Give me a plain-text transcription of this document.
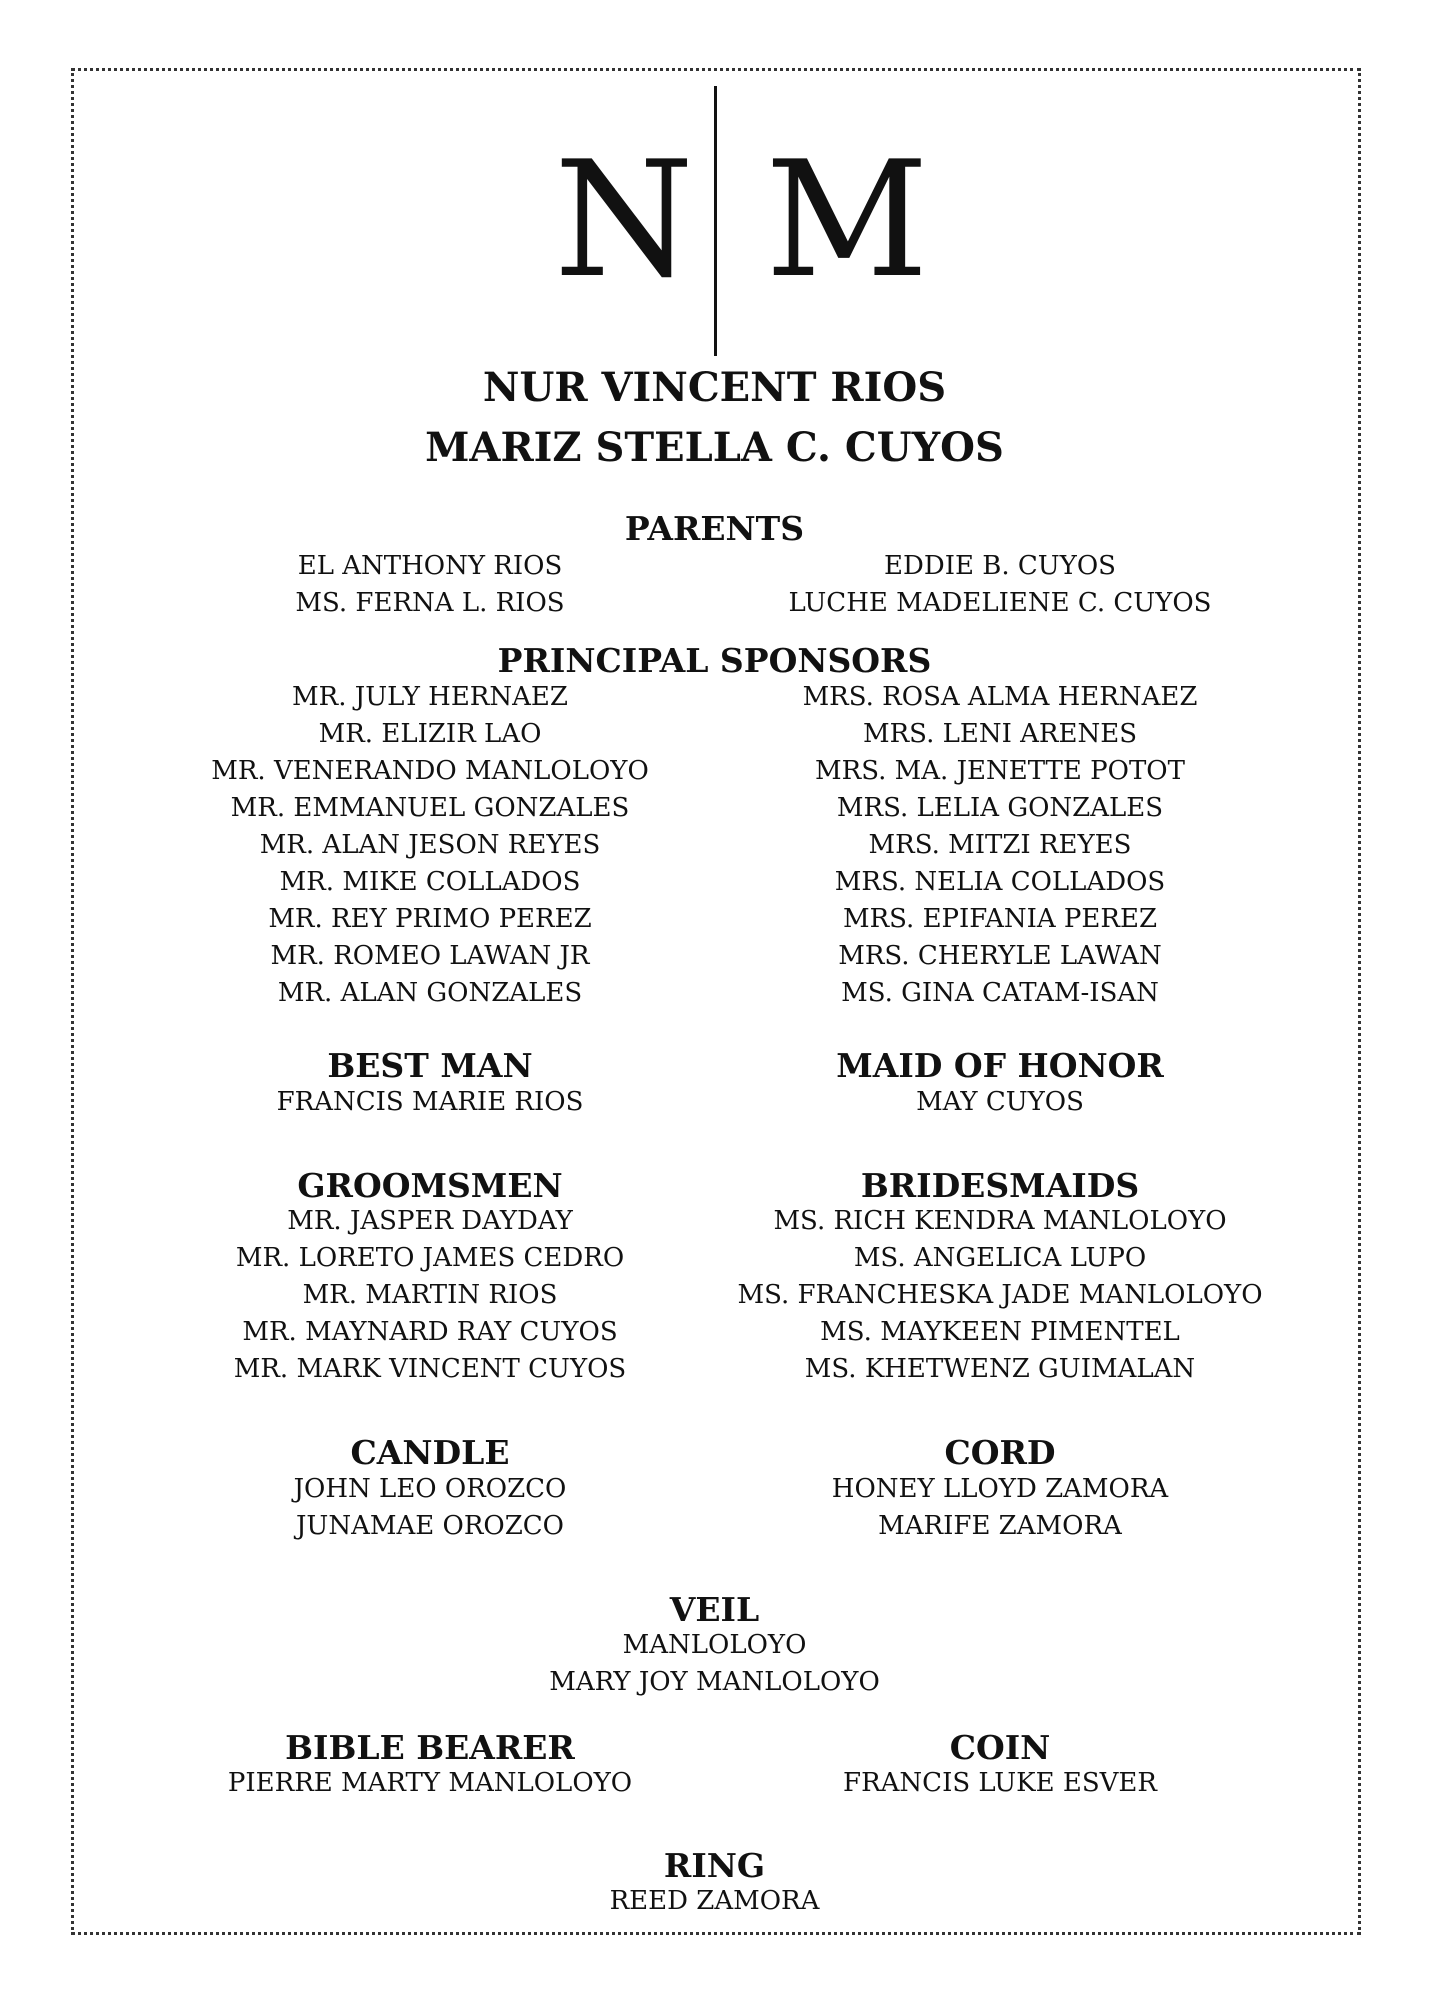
N M
NUR VINCENT RIOS
MARIZ STELLA C. CUYOS
PARENTS
EL ANTHONY RIOS
MS. FERNA L. RIOS
EDDIE B. CUYOS
LUCHE MADELIENE C. CUYOS
PRINCIPAL SPONSORS
MR. JULY HERNAEZ
MR. ELIZIR LAO
MR. VENERANDO MANLOLOYO
MR. EMMANUEL GONZALES
MR. ALAN JESON REYES
MR. MIKE COLLADOS
MR. REY PRIMO PEREZ
MR. ROMEO LAWAN JR
MR. ALAN GONZALES
MRS. ROSA ALMA HERNAEZ
MRS. LENI ARENES
MRS. MA. JENETTE POTOT
MRS. LELIA GONZALES
MRS. MITZI REYES
MRS. NELIA COLLADOS
MRS. EPIFANIA PEREZ
MRS. CHERYLE LAWAN
MS. GINA CATAM-ISAN
BEST MAN
FRANCIS MARIE RIOS
MAID OF HONOR
MAY CUYOS
GROOMSMEN
MR. JASPER DAYDAY
MR. LORETO JAMES CEDRO
MR. MARTIN RIOS
MR. MAYNARD RAY CUYOS
MR. MARK VINCENT CUYOS
BRIDESMAIDS
MS. RICH KENDRA MANLOLOYO
MS. ANGELICA LUPO
MS. FRANCHESKA JADE MANLOLOYO
MS. MAYKEEN PIMENTEL
MS. KHETWENZ GUIMALAN
CANDLE
JOHN LEO OROZCO
JUNAMAE OROZCO
CORD
HONEY LLOYD ZAMORA
MARIFE ZAMORA
VEIL
MANLOLOYO
MARY JOY MANLOLOYO
BIBLE BEARER
PIERRE MARTY MANLOLOYO
COIN
FRANCIS LUKE ESVER
RING
REED ZAMORA
